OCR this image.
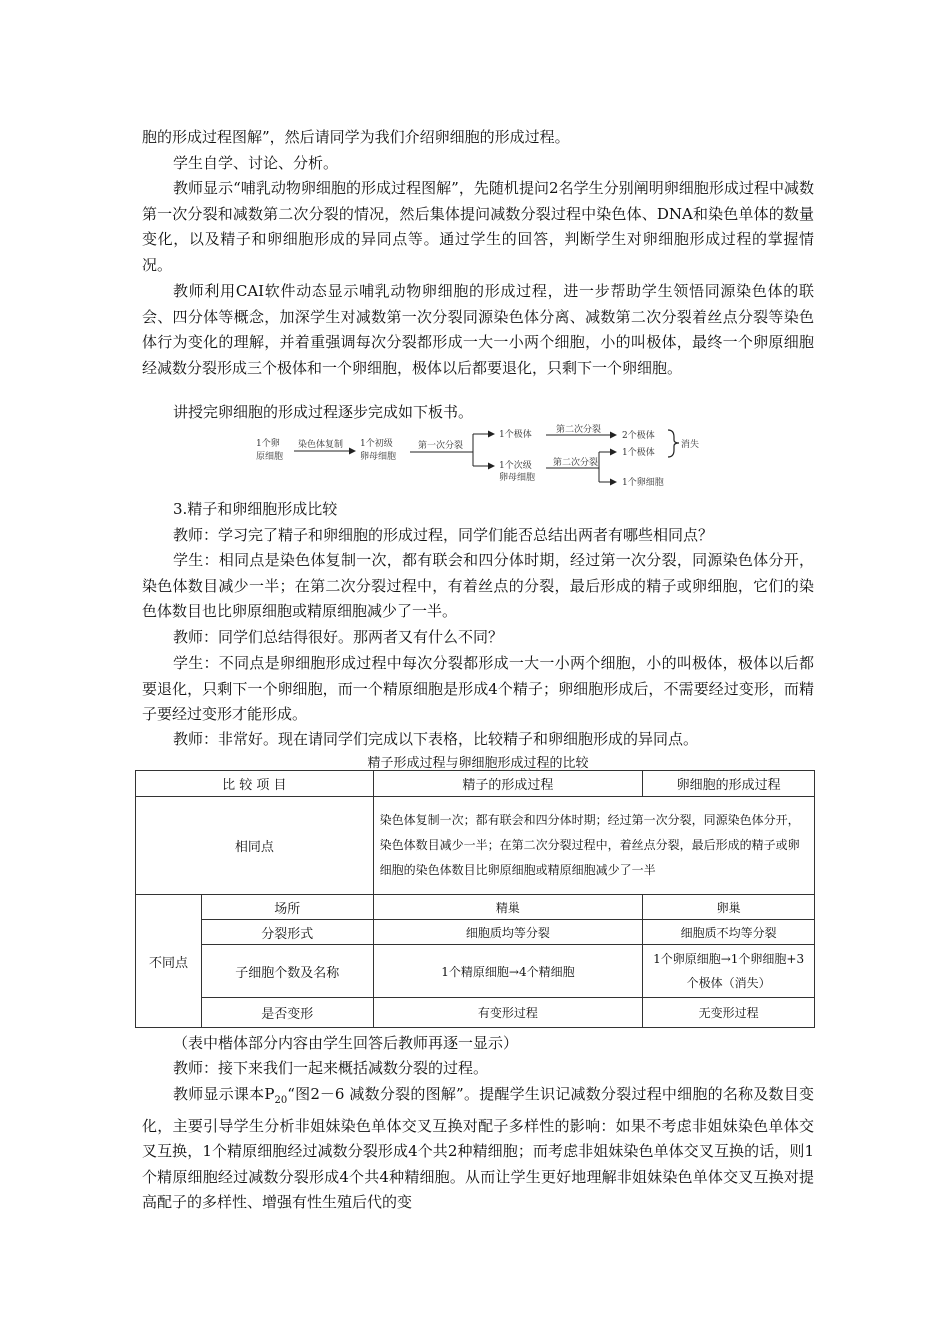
胞的形成过程图解”，然后请同学为我们介绍卵细胞的形成过程。

学生自学、讨论、分析。

教师显示“哺乳动物卵细胞的形成过程图解”，先随机提问2名学生分别阐明卵细胞形成过程中减数第一次分裂和减数第二次分裂的情况，然后集体提问减数分裂过程中染色体、DNA和染色单体的数量变化，以及精子和卵细胞形成的异同点等。通过学生的回答，判断学生对卵细胞形成过程的掌握情况。

教师利用CAI软件动态显示哺乳动物卵细胞的形成过程，进一步帮助学生领悟同源染色体的联会、四分体等概念，加深学生对减数第一次分裂同源染色体分离、减数第二次分裂着丝点分裂等染色体行为变化的理解，并着重强调每次分裂都形成一大一小两个细胞，小的叫极体，最终一个卵原细胞经减数分裂形成三个极体和一个卵细胞，极体以后都要退化，只剩下一个卵细胞。

讲授完卵细胞的形成过程逐步完成如下板书。

1个卵
原细胞
染色体复制 1个初级
卵母细胞
第一次分裂
1个极体	第二次分裂
2个极体
1个次级
卵母细胞
第二次分裂
1个极体
消失
1个卵细胞

3.精子和卵细胞形成比较

教师：学习完了精子和卵细胞的形成过程，同学们能否总结出两者有哪些相同点？

学生：相同点是染色体复制一次，都有联会和四分体时期，经过第一次分裂，同源染色体分开，染色体数目减少一半；在第二次分裂过程中，有着丝点的分裂，最后形成的精子或卵细胞，它们的染色体数目也比卵原细胞或精原细胞减少了一半。

教师：同学们总结得很好。那两者又有什么不同？

学生：不同点是卵细胞形成过程中每次分裂都形成一大一小两个细胞，小的叫极体，极体以后都要退化，只剩下一个卵细胞，而一个精原细胞是形成4个精子；卵细胞形成后，不需要经过变形，而精子要经过变形才能形成。

教师：非常好。现在请同学们完成以下表格，比较精子和卵细胞形成的异同点。

精子形成过程与卵细胞形成过程的比较
比 较 项 目		精子的形成过程	卵细胞的形成过程
相同点		染色体复制一次；都有联会和四分体时期；经过第一次分裂，同源染色体分开，染色体数目减少一半；在第二次分裂过程中，着丝点分裂，最后形成的精子或卵细胞的染色体数目比卵原细胞或精原细胞减少了一半	
不同点	场所	精巢	卵巢
	分裂形式	细胞质均等分裂	细胞质不均等分裂
	子细胞个数及名称	1个精原细胞→4个精细胞	1个卵原细胞→1个卵细胞+3个极体（消失）
	是否变形	有变形过程	无变形过程

（表中楷体部分内容由学生回答后教师再逐一显示）

教师：接下来我们一起来概括减数分裂的过程。

教师显示课本$P_{20}“$图2－6 减数分裂的图解”。提醒学生识记减数分裂过程中细胞的名称及数目变化，主要引导学生分析非姐妹染色单体交叉互换对配子多样性的影响：如果不考虑非姐妹染色单体交叉互换，1个精原细胞经过减数分裂形成4个共2种精细胞；而考虑非姐妹染色单体交叉互换的话，则1个精原细胞经过减数分裂形成4个共4种精细胞。从而让学生更好地理解非姐妹染色单体交叉互换对提高配子的多样性、增强有性生殖后代的变
